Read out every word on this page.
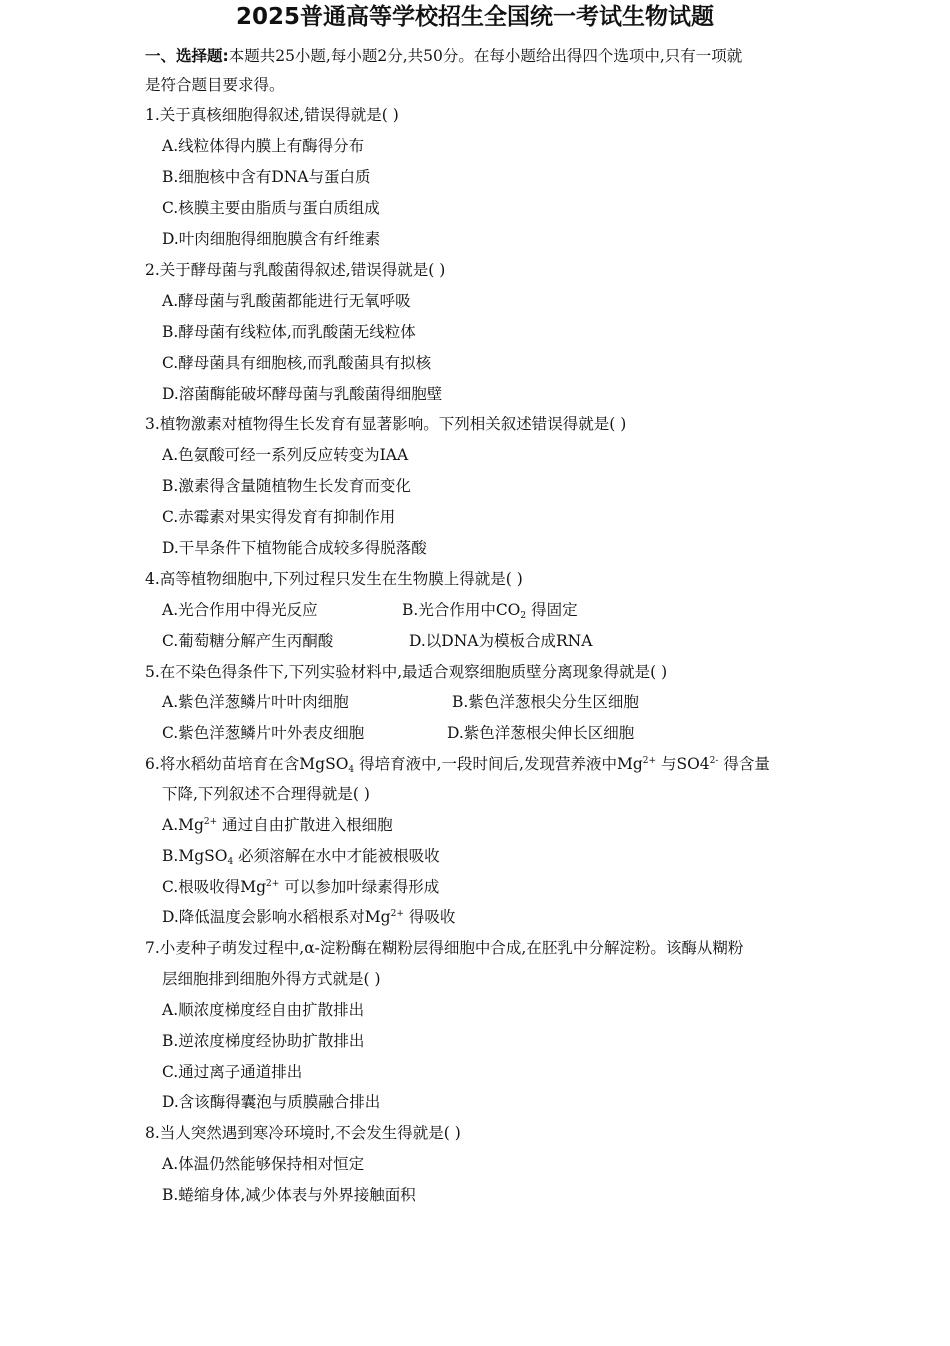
2025普通高等学校招生全国统一考试生物试题
一、选择题:本题共25小题,每小题2分,共50分。在每小题给出得四个选项中,只有一项就
是符合题目要求得。
1.关于真核细胞得叙述,错误得就是( )
A.线粒体得内膜上有酶得分布
B.细胞核中含有DNA与蛋白质
C.核膜主要由脂质与蛋白质组成
D.叶肉细胞得细胞膜含有纤维素
2.关于酵母菌与乳酸菌得叙述,错误得就是( )
A.酵母菌与乳酸菌都能进行无氧呼吸
B.酵母菌有线粒体,而乳酸菌无线粒体
C.酵母菌具有细胞核,而乳酸菌具有拟核
D.溶菌酶能破坏酵母菌与乳酸菌得细胞壁
3.植物激素对植物得生长发育有显著影响。下列相关叙述错误得就是( )
A.色氨酸可经一系列反应转变为IAA
B.激素得含量随植物生长发育而变化
C.赤霉素对果实得发育有抑制作用
D.干旱条件下植物能合成较多得脱落酸
4.高等植物细胞中,下列过程只发生在生物膜上得就是( )
A.光合作用中得光反应	B.光合作用中$CO_2$ 得固定
C.葡萄糖分解产生丙酮酸	D.以DNA为模板合成RNA
5.在不染色得条件下,下列实验材料中,最适合观察细胞质壁分离现象得就是( )
A.紫色洋葱鳞片叶叶肉细胞	B.紫色洋葱根尖分生区细胞
C.紫色洋葱鳞片叶外表皮细胞	D.紫色洋葱根尖伸长区细胞
6.将水稻幼苗培育在含MgSO$_4$ 得培育液中,一段时间后,发现营养液中$Mg^{2+}$ 与$SO4^{2-}$ 得含量
下降,下列叙述不合理得就是( )
$A.Mg^{2+}$ 通过自由扩散进入根细胞
B.MgSO$_4$ 必须溶解在水中才能被根吸收
C.根吸收得$Mg^{2+}$ 可以参加叶绿素得形成
D.降低温度会影响水稻根系对$Mg^{2+}$ 得吸收
7.小麦种子萌发过程中,α-淀粉酶在糊粉层得细胞中合成,在胚乳中分解淀粉。该酶从糊粉
层细胞排到细胞外得方式就是( )
A.顺浓度梯度经自由扩散排出
B.逆浓度梯度经协助扩散排出
C.通过离子通道排出
D.含该酶得囊泡与质膜融合排出
8.当人突然遇到寒冷环境时,不会发生得就是( )
A.体温仍然能够保持相对恒定
B.蜷缩身体,减少体表与外界接触面积
